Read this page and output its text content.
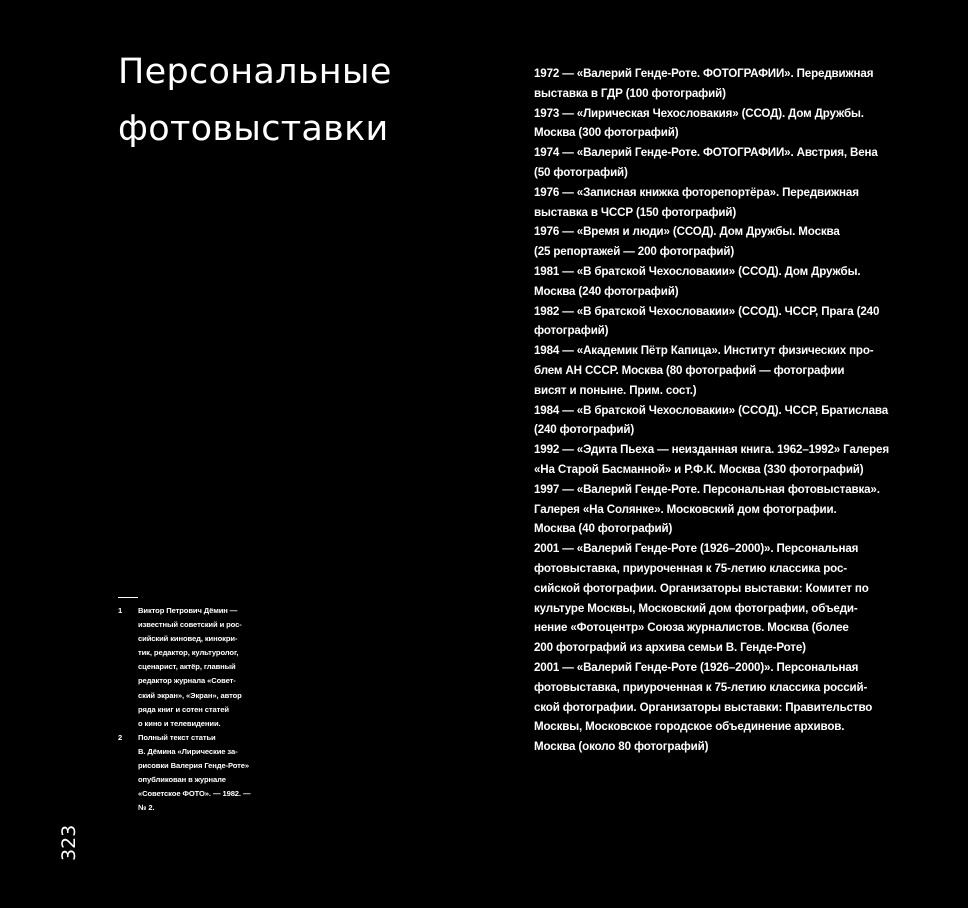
Персональные
фотовыставки
1972 — «Валерий Генде-Роте. ФОТОГРАФИИ». Передвижная
выставка в ГДР (100 фотографий)
1973 — «Лирическая Чехословакия» (ССОД). Дом Дружбы.
Москва (300 фотографий)
1974 — «Валерий Генде-Роте. ФОТОГРАФИИ». Австрия, Вена
(50 фотографий)
1976 — «Записная книжка фоторепортёра». Передвижная
выставка в ЧССР (150 фотографий)
1976 — «Время и люди» (ССОД). Дом Дружбы. Москва
(25 репортажей — 200 фотографий)
1981 — «В братской Чехословакии» (ССОД). Дом Дружбы.
Москва (240 фотографий)
1982 — «В братской Чехословакии» (ССОД). ЧССР, Прага (240
фотографий)
1984 — «Академик Пётр Капица». Институт физических про-
блем АН СССР. Москва (80 фотографий — фотографии
висят и поныне. Прим. сост.)
1984 — «В братской Чехословакии» (ССОД). ЧССР, Братислава
(240 фотографий)
1992 — «Эдита Пьеха — неизданная книга. 1962–1992» Галерея
«На Старой Басманной» и Р.Ф.К. Москва (330 фотографий)
1997 — «Валерий Генде-Роте. Персональная фотовыставка».
Галерея «На Солянке». Московский дом фотографии.
Москва (40 фотографий)
2001 — «Валерий Генде-Роте (1926–2000)». Персональная
фотовыставка, приуроченная к 75-летию классика рос-
сийской фотографии. Организаторы выставки: Комитет по
культуре Москвы, Московский дом фотографии, объеди-
нение «Фотоцентр» Союза журналистов. Москва (более
200 фотографий из архива семьи В. Генде-Роте)
2001 — «Валерий Генде-Роте (1926–2000)». Персональная
фотовыставка, приуроченная к 75-летию классика россий-
ской фотографии. Организаторы выставки: Правительство
Москвы, Московское городское объединение архивов.
Москва (около 80 фотографий)
1 Виктор Петрович Дёмин —
известный советский и рос-
сийский киновед, кинокри-
тик, редактор, культуролог,
сценарист, актёр, главный
редактор журнала «Совет-
ский экран», «Экран», автор
ряда книг и сотен статей
о кино и телевидении.
2 Полный текст статьи
В. Дёмина «Лирические за-
рисовки Валерия Генде-Роте»
опубликован в журнале
«Советское ФОТО». — 1982. —
№ 2.
323
